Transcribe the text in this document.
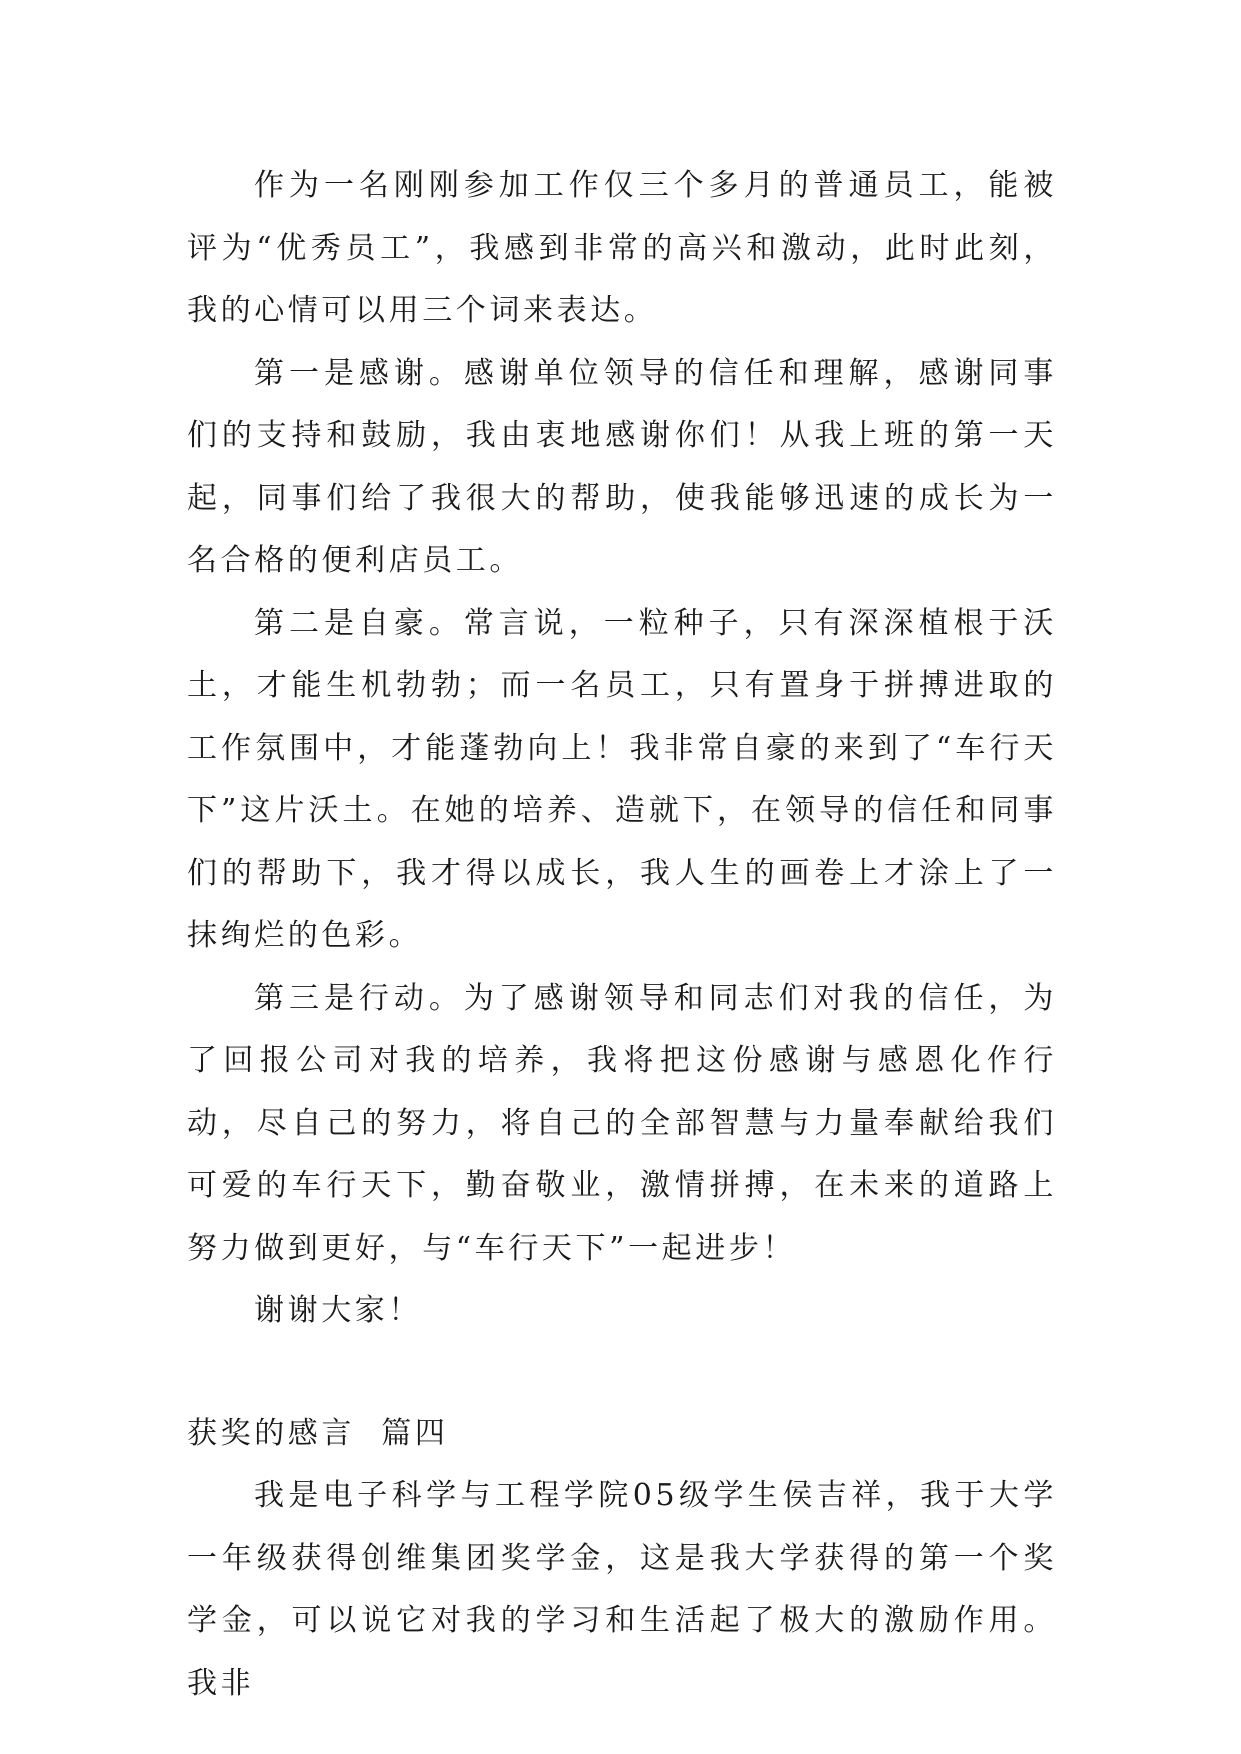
作为一名刚刚参加工作仅三个多月的普通员工，能被评为“优秀员工”，我感到非常的高兴和激动，此时此刻，我的心情可以用三个词来表达。

第一是感谢。感谢单位领导的信任和理解，感谢同事们的支持和鼓励，我由衷地感谢你们！从我上班的第一天起，同事们给了我很大的帮助，使我能够迅速的成长为一名合格的便利店员工。

第二是自豪。常言说，一粒种子，只有深深植根于沃土，才能生机勃勃；而一名员工，只有置身于拼搏进取的工作氛围中，才能蓬勃向上！我非常自豪的来到了“车行天下”这片沃土。在她的培养、造就下，在领导的信任和同事们的帮助下，我才得以成长，我人生的画卷上才涂上了一抹绚烂的色彩。

第三是行动。为了感谢领导和同志们对我的信任，为了回报公司对我的培养，我将把这份感谢与感恩化作行动，尽自己的努力，将自己的全部智慧与力量奉献给我们可爱的车行天下，勤奋敬业，激情拼搏，在未来的道路上努力做到更好，与“车行天下”一起进步！

谢谢大家！

获奖的感言  篇四

我是电子科学与工程学院05级学生侯吉祥，我于大学一年级获得创维集团奖学金，这是我大学获得的第一个奖学金，可以说它对我的学习和生活起了极大的激励作用。我非
